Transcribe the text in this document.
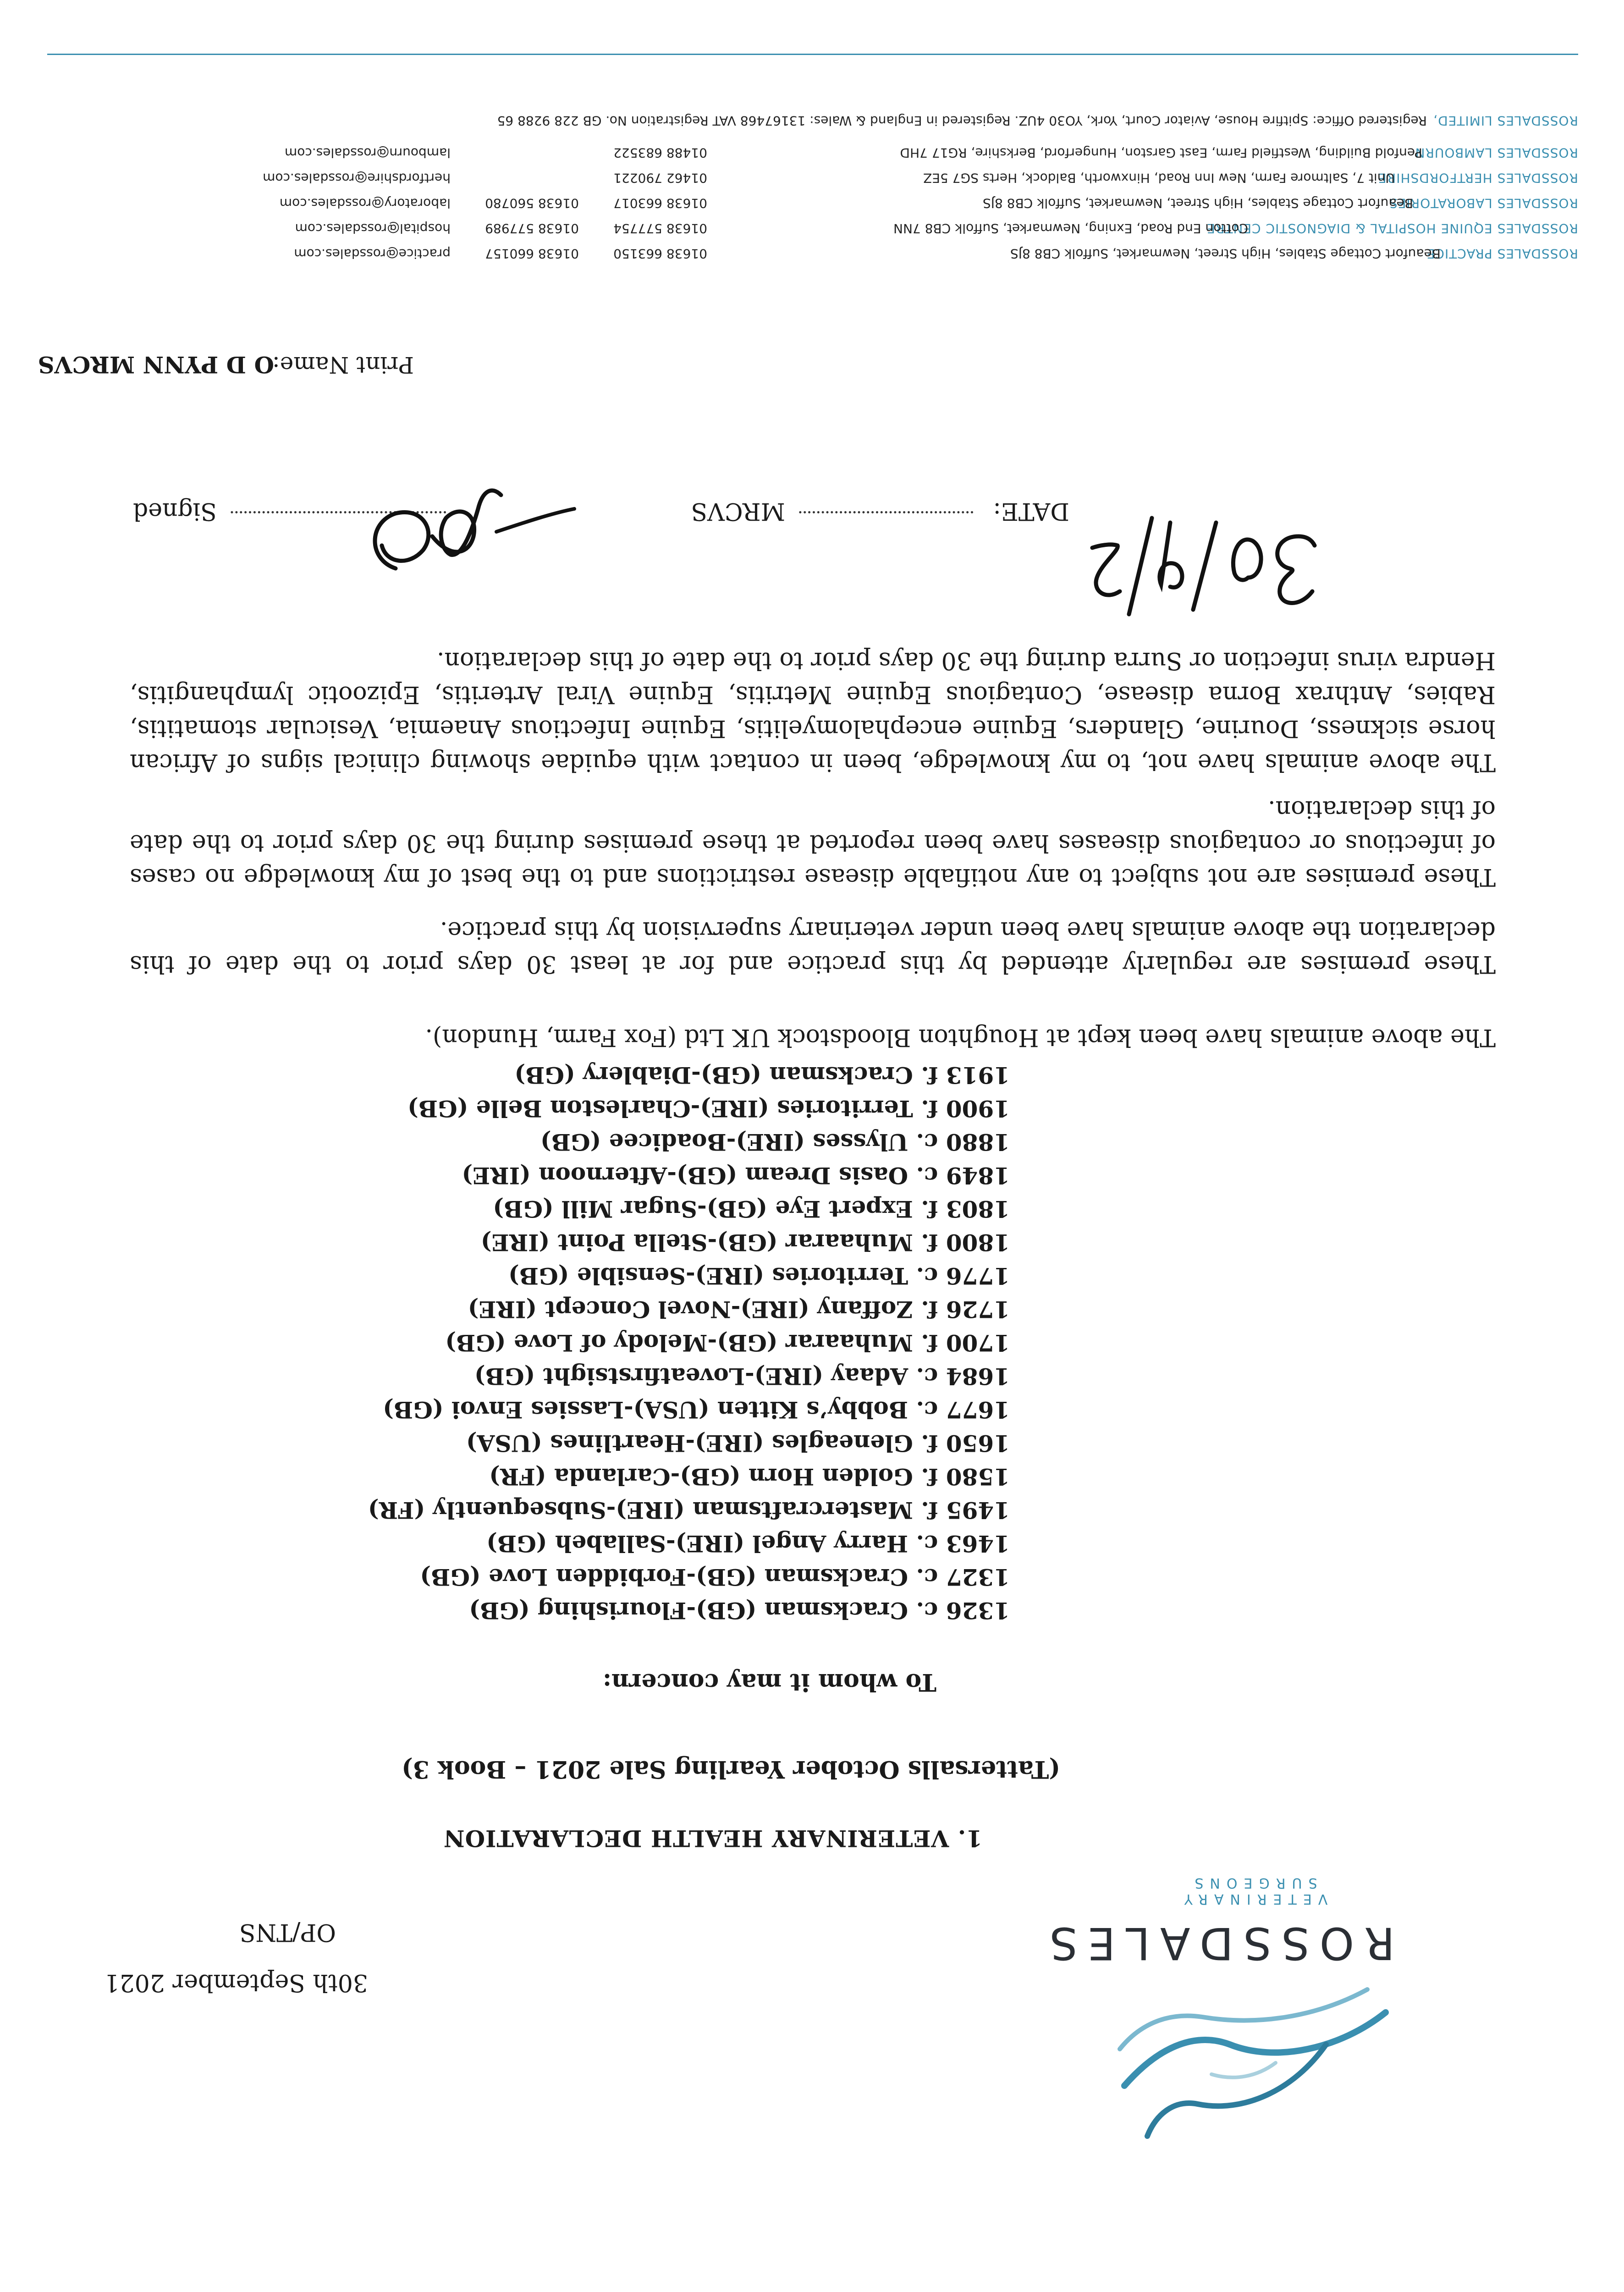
ROSSDALES
VETERINARY SURGEONS
30th September 2021
OP/TNS
1. VETERINARY HEALTH DECLARATION
(Tattersalls October Yearling Sale 2021 – Book 3)
To whom it may concern:
1326 c. Cracksman (GB)-Flourishing (GB)
1327 c. Cracksman (GB)-Forbidden Love (GB)
1463 c. Harry Angel (IRE)-Sallabeh (GB)
1495 f. Mastercraftsman (IRE)-Subsequently (FR)
1580 f. Golden Horn (GB)-Carlanda (FR)
1650 f. Gleneagles (IRE)-Heartlines (USA)
1677 c. Bobby’s Kitten (USA)-Lassies Envoi (GB)
1684 c. Adaay (IRE)-Loveatfirstsight (GB)
1700 f. Muhaarar (GB)-Melody of Love (GB)
1726 f. Zoffany (IRE)-Novel Concept (IRE)
1776 c. Territories (IRE)-Sensible (GB)
1800 f. Muhaarar (GB)-Stella Point (IRE)
1803 f. Expert Eye (GB)-Sugar Mill (GB)
1849 c. Oasis Dream (GB)-Afternoon (IRE)
1880 c. Ulysses (IRE)-Boadicee (GB)
1900 f. Territories (IRE)-Charleston Belle (GB)
1913 f. Cracksman (GB)-Diablery (GB)
The above animals have been kept at Houghton Bloodstock UK Ltd (Fox Farm, Hundon).
These premises are regularly attended by this practice and for at least 30 days prior to the date of this declaration the above animals have been under veterinary supervision by this practice.
These premises are not subject to any notifiable disease restrictions and to the best of my knowledge no cases of infectious or contagious diseases have been reported at these premises during the 30 days prior to the date of this declaration.
The above animals have not, to my knowledge, been in contact with equidae showing clinical signs of African horse sickness, Dourine, Glanders, Equine encephalomyelitis, Equine Infectious Anaemia, Vesicular stomatitis, Rabies, Anthrax Borna disease, Contagious Equine Metritis, Equine Viral Arteritis, Epizootic lymphangitis, Hendra virus infection or Surra during the 30 days prior to the date of this declaration.
Signed	MRCVS	DATE:
Print Name:
O D PYNN MRCVS
ROSSDALES PRACTICE
Beaufort Cottage Stables, High Street, Newmarket, Suffolk CB8 8JS
01638 663150
01638 660157
practice@rossdales.com
ROSSDALES EQUINE HOSPITAL & DIAGNOSTIC CENTRE
Cotton End Road, Exning, Newmarket, Suffolk CB8 7NN
01638 577754
01638 577989
hospital@rossdales.com
ROSSDALES LABORATORIES
Beaufort Cottage Stables, High Street, Newmarket, Suffolk CB8 8JS
01638 663017
01638 560780
laboratory@rossdales.com
ROSSDALES HERTFORDSHIRE
Unit 7, Saltmore Farm, New Inn Road, Hinxworth, Baldock, Herts SG7 5EZ
01462 790221
hertfordshire@rossdales.com
ROSSDALES LAMBOURN
Penfold Building, Westfield Farm, East Garston, Hungerford, Berkshire, RG17 7HD
01488 683522
lambourn@rossdales.com
ROSSDALES LIMITED,
Registered Office: Spitfire House, Aviator Court, York, YO30 4UZ. Registered in England & Wales: 13167468 VAT Registration No. GB 228 9288 65
